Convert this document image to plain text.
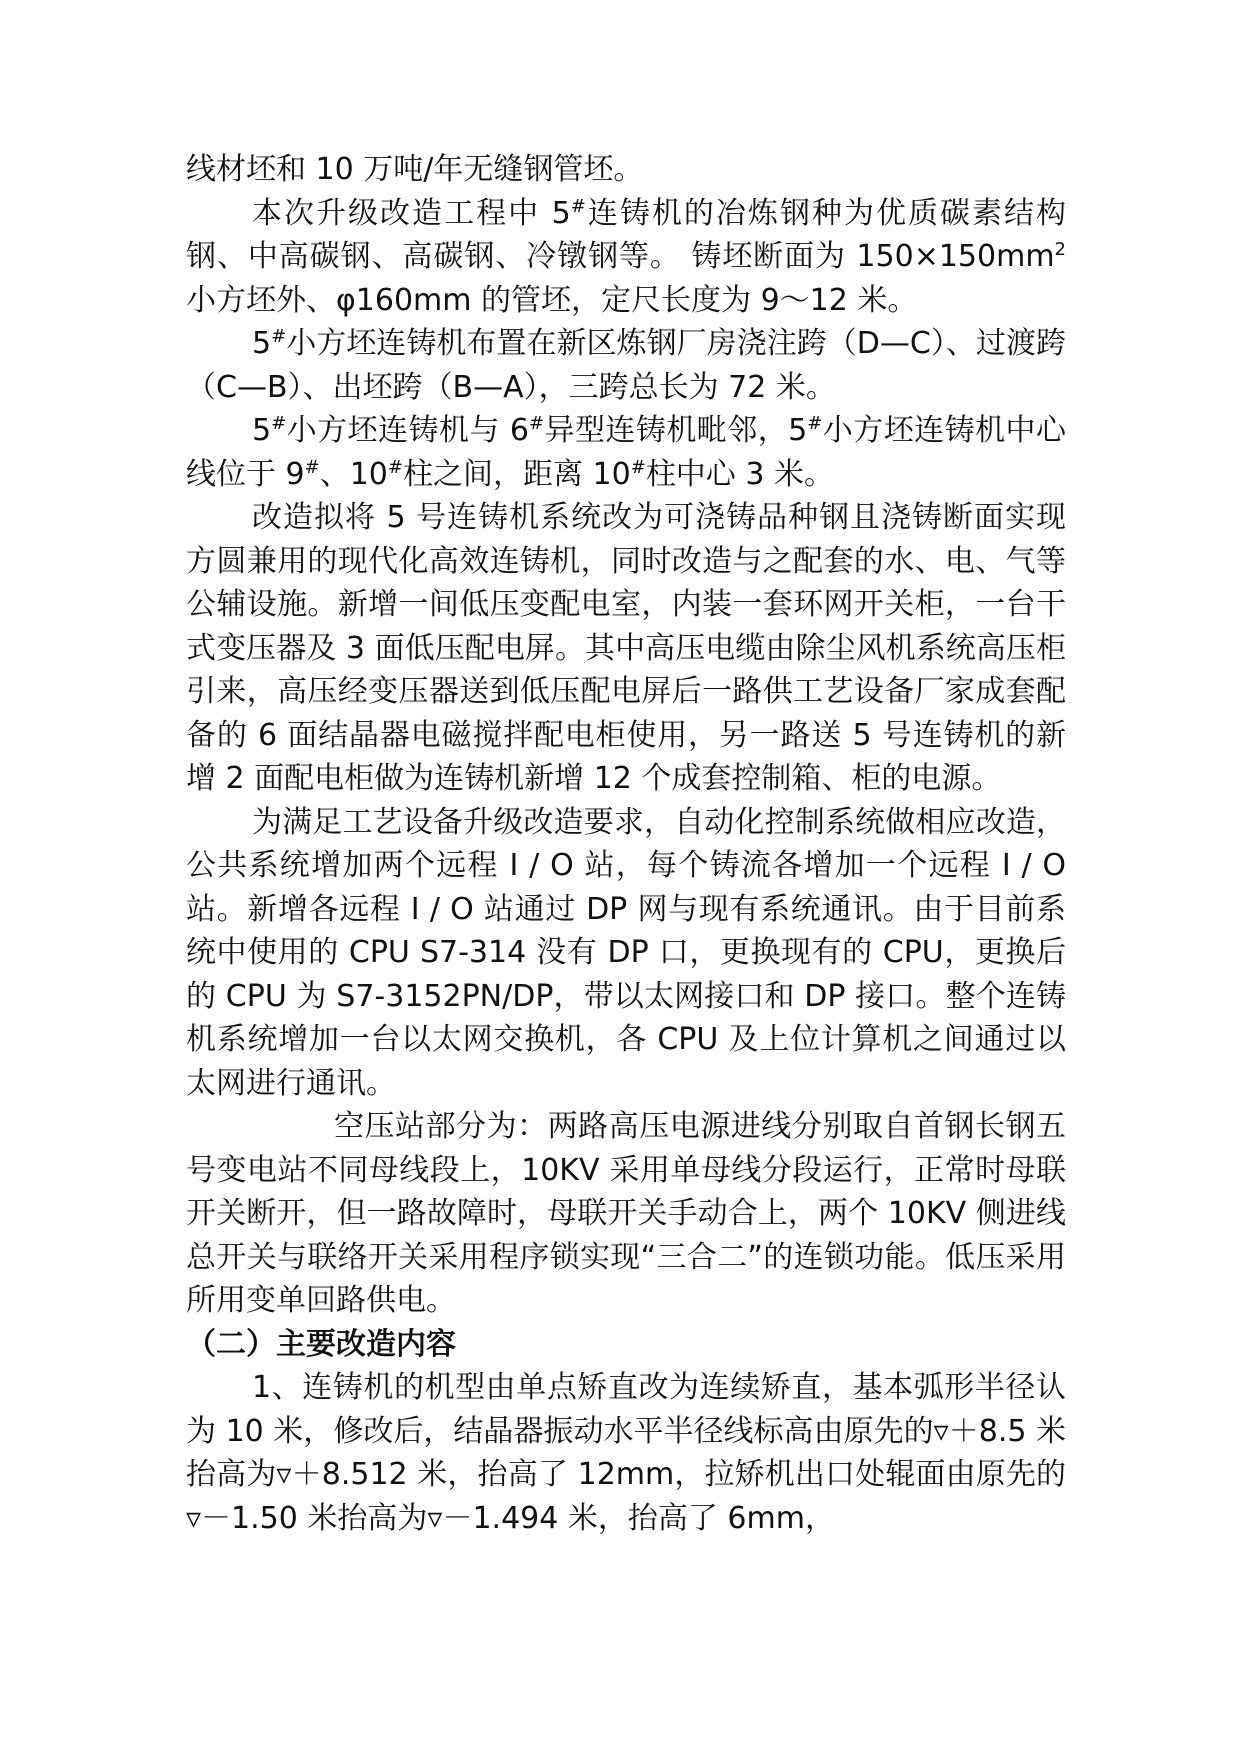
线材坯和 10 万吨/年无缝钢管坯。

本次升级改造工程中 5#连铸机的冶炼钢种为优质碳素结构钢、中高碳钢、高碳钢、冷镦钢等。 铸坯断面为 $150\times 150mm^2$ 小方坯外、φ160mm 的管坯，定尺长度为 9～12 米。

5#小方坯连铸机布置在新区炼钢厂房浇注跨（D—C）、过渡跨（C—B）、出坯跨（B—A），三跨总长为 72 米。

5#小方坯连铸机与 6#异型连铸机毗邻，5#小方坯连铸机中心线位于 9#、10#柱之间，距离 10#柱中心 3 米。

改造拟将 5 号连铸机系统改为可浇铸品种钢且浇铸断面实现方圆兼用的现代化高效连铸机，同时改造与之配套的水、电、气等公辅设施。新增一间低压变配电室，内装一套环网开关柜，一台干式变压器及 3 面低压配电屏。其中高压电缆由除尘风机系统高压柜引来，高压经变压器送到低压配电屏后一路供工艺设备厂家成套配备的 6 面结晶器电磁搅拌配电柜使用，另一路送 5 号连铸机的新增 2 面配电柜做为连铸机新增 12 个成套控制箱、柜的电源。

为满足工艺设备升级改造要求，自动化控制系统做相应改造，公共系统增加两个远程 I / O 站，每个铸流各增加一个远程 I / O 站。新增各远程 I / O 站通过 DP 网与现有系统通讯。由于目前系统中使用的 CPU S7-314 没有 DP 口，更换现有的 CPU，更换后的 CPU 为 S7-3152PN/DP，带以太网接口和 DP 接口。整个连铸机系统增加一台以太网交换机，各 CPU 及上位计算机之间通过以太网进行通讯。

空压站部分为：两路高压电源进线分别取自首钢长钢五号变电站不同母线段上，10KV 采用单母线分段运行，正常时母联开关断开，但一路故障时，母联开关手动合上，两个 10KV 侧进线总开关与联络开关采用程序锁实现“三合二”的连锁功能。低压采用所用变单回路供电。

（二）主要改造内容

1、连铸机的机型由单点矫直改为连续矫直，基本弧形半径认为 10 米，修改后，结晶器振动水平半径线标高由原先的▿＋8.5 米抬高为▿＋8.512 米，抬高了 12mm，拉矫机出口处辊面由原先的▿－1.50 米抬高为▿－1.494 米，抬高了 6mm，
